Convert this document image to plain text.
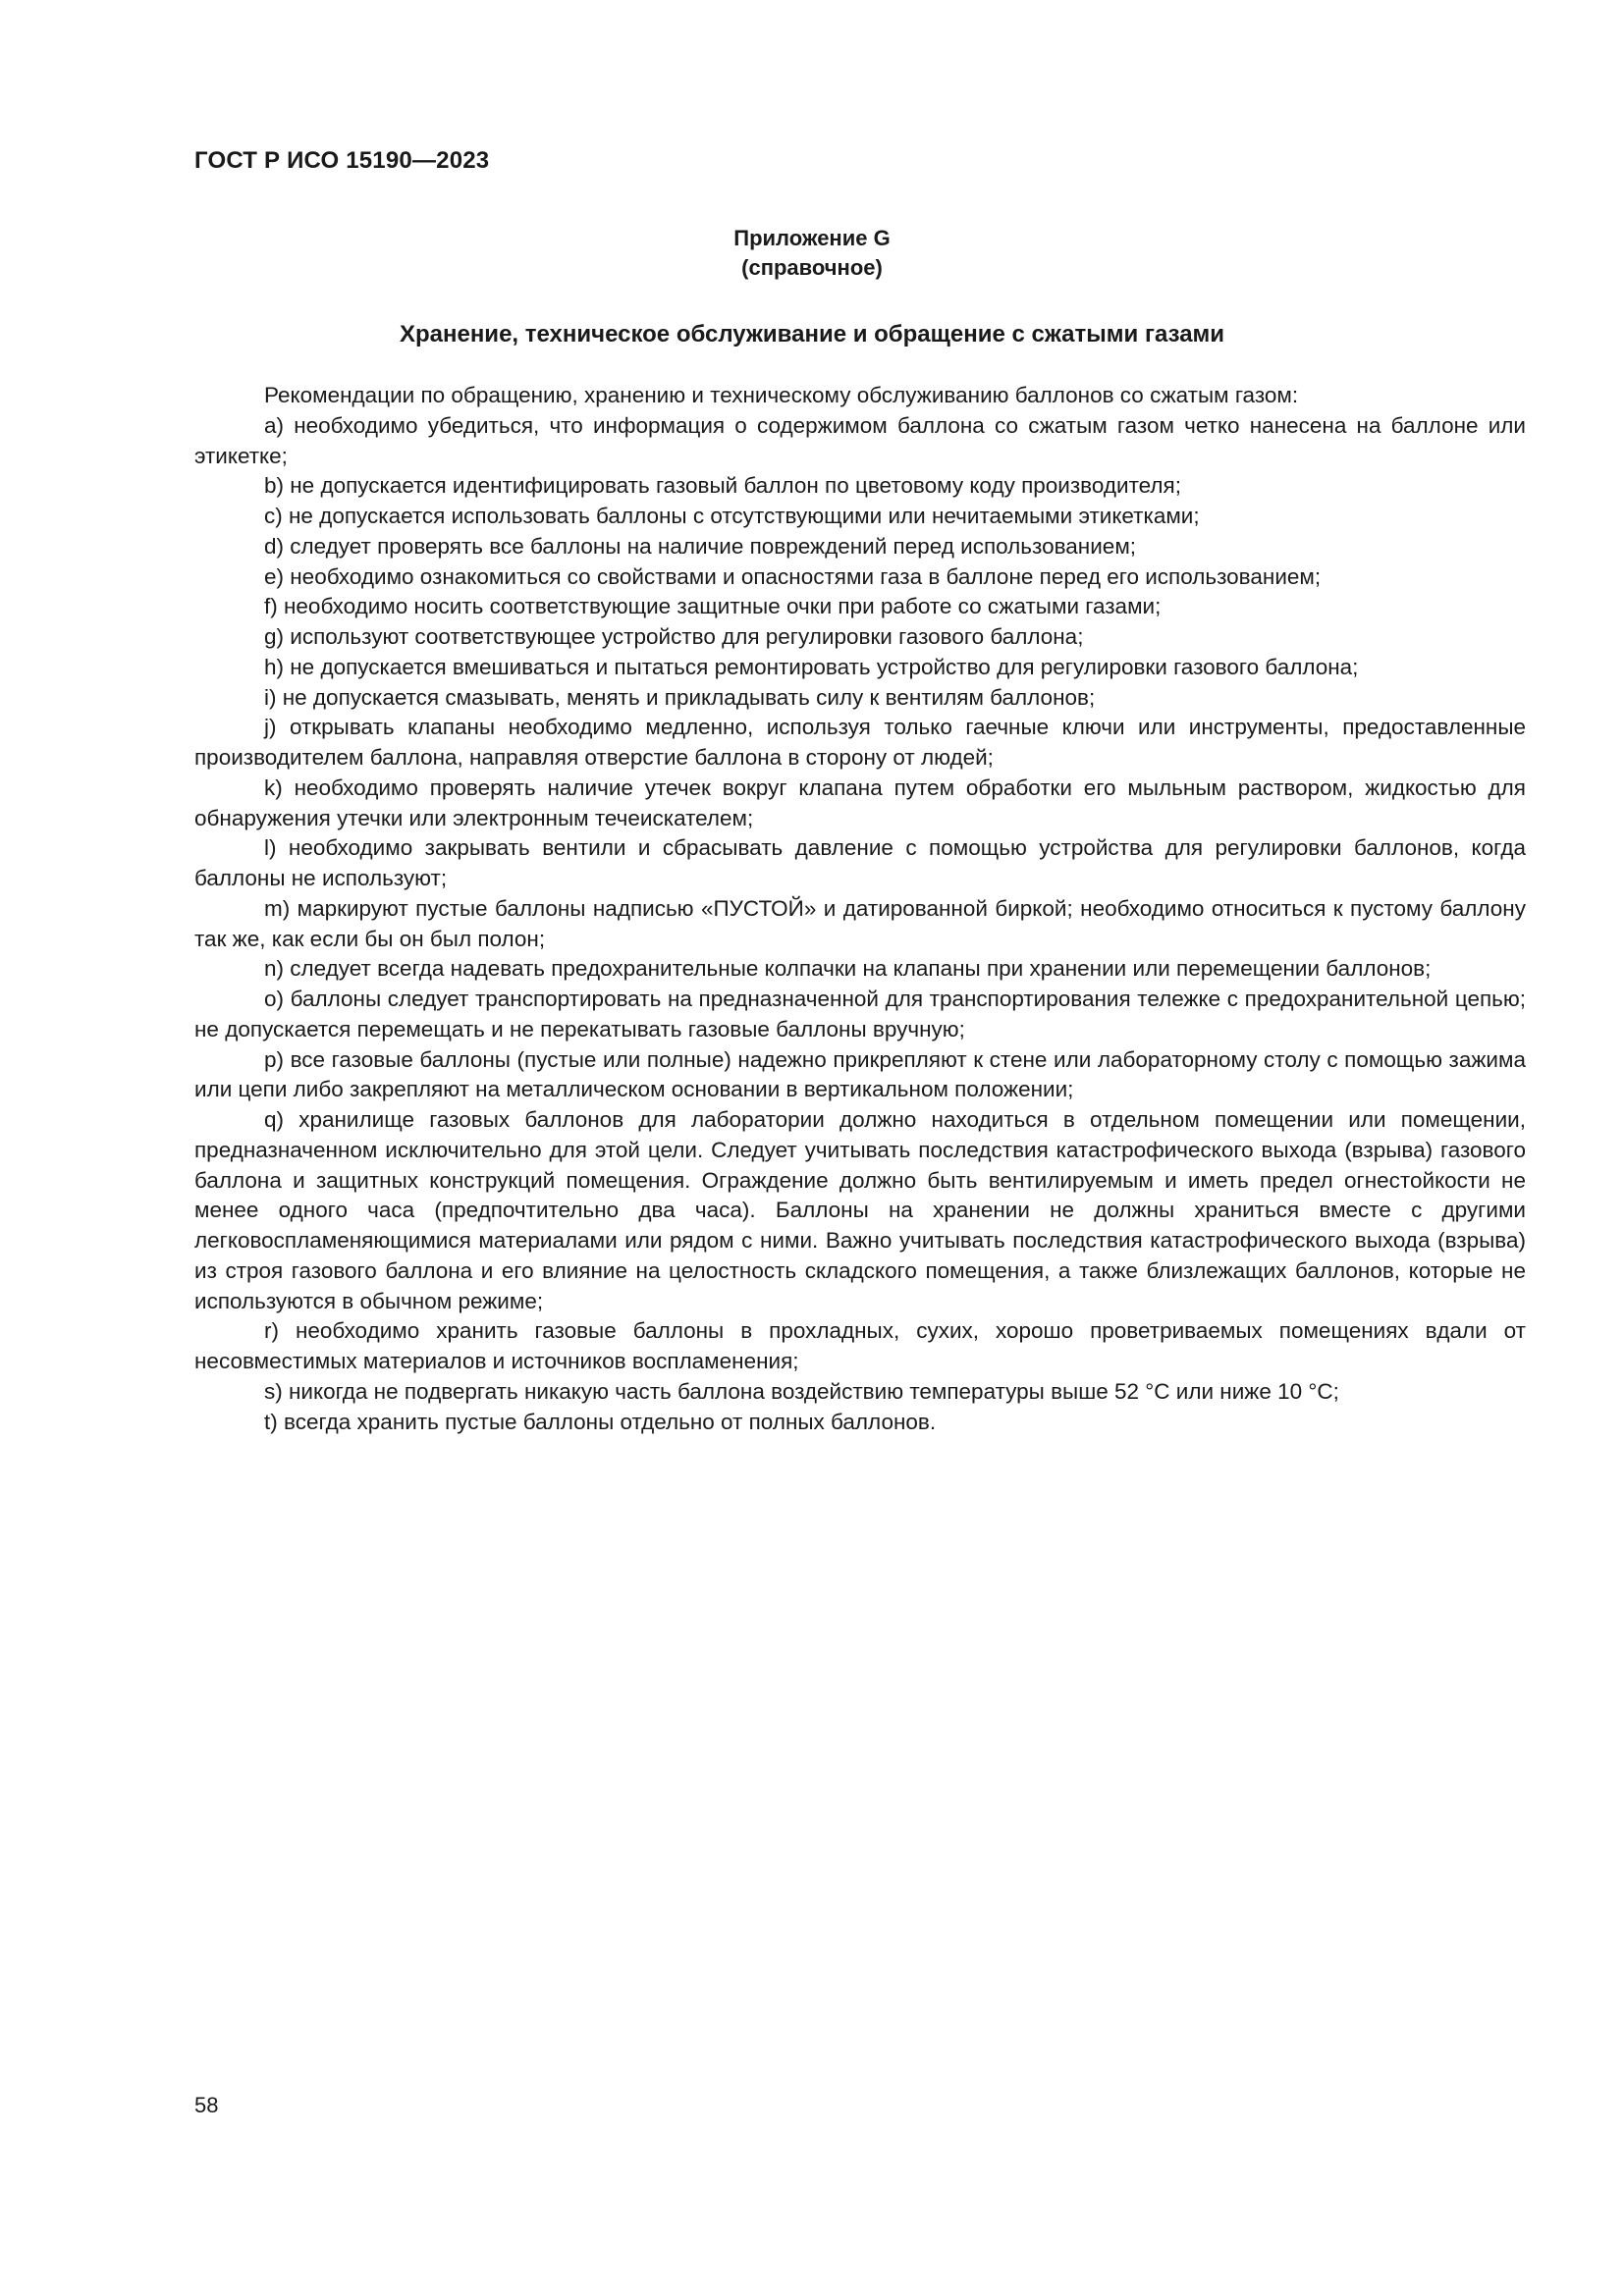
ГОСТ Р ИСО 15190—2023
Приложение G
(справочное)
Хранение, техническое обслуживание и обращение с сжатыми газами

Рекомендации по обращению, хранению и техническому обслуживанию баллонов со сжатым газом:

a) необходимо убедиться, что информация о содержимом баллона со сжатым газом четко нанесена на баллоне или этикетке;

b) не допускается идентифицировать газовый баллон по цветовому коду производителя;

c) не допускается использовать баллоны с отсутствующими или нечитаемыми этикетками;

d) следует проверять все баллоны на наличие повреждений перед использованием;

e) необходимо ознакомиться со свойствами и опасностями газа в баллоне перед его использованием;

f) необходимо носить соответствующие защитные очки при работе со сжатыми газами;

g) используют соответствующее устройство для регулировки газового баллона;

h) не допускается вмешиваться и пытаться ремонтировать устройство для регулировки газового баллона;

i) не допускается смазывать, менять и прикладывать силу к вентилям баллонов;

j) открывать клапаны необходимо медленно, используя только гаечные ключи или инструменты, предоставленные производителем баллона, направляя отверстие баллона в сторону от людей;

k) необходимо проверять наличие утечек вокруг клапана путем обработки его мыльным раствором, жидкостью для обнаружения утечки или электронным течеискателем;

l) необходимо закрывать вентили и сбрасывать давление с помощью устройства для регулировки баллонов, когда баллоны не используют;

m) маркируют пустые баллоны надписью «ПУСТОЙ» и датированной биркой; необходимо относиться к пустому баллону так же, как если бы он был полон;

n) следует всегда надевать предохранительные колпачки на клапаны при хранении или перемещении баллонов;

o) баллоны следует транспортировать на предназначенной для транспортирования тележке с предохранительной цепью; не допускается перемещать и не перекатывать газовые баллоны вручную;

p) все газовые баллоны (пустые или полные) надежно прикрепляют к стене или лабораторному столу с помощью зажима или цепи либо закрепляют на металлическом основании в вертикальном положении;

q) хранилище газовых баллонов для лаборатории должно находиться в отдельном помещении или помещении, предназначенном исключительно для этой цели. Следует учитывать последствия катастрофического выхода (взрыва) газового баллона и защитных конструкций помещения. Ограждение должно быть вентилируемым и иметь предел огнестойкости не менее одного часа (предпочтительно два часа). Баллоны на хранении не должны храниться вместе с другими легковоспламеняющимися материалами или рядом с ними. Важно учитывать последствия катастрофического выхода (взрыва) из строя газового баллона и его влияние на целостность складского помещения, а также близлежащих баллонов, которые не используются в обычном режиме;

r) необходимо хранить газовые баллоны в прохладных, сухих, хорошо проветриваемых помещениях вдали от несовместимых материалов и источников воспламенения;

s) никогда не подвергать никакую часть баллона воздействию температуры выше 52 °С или ниже 10 °С;

t) всегда хранить пустые баллоны отдельно от полных баллонов.

58
